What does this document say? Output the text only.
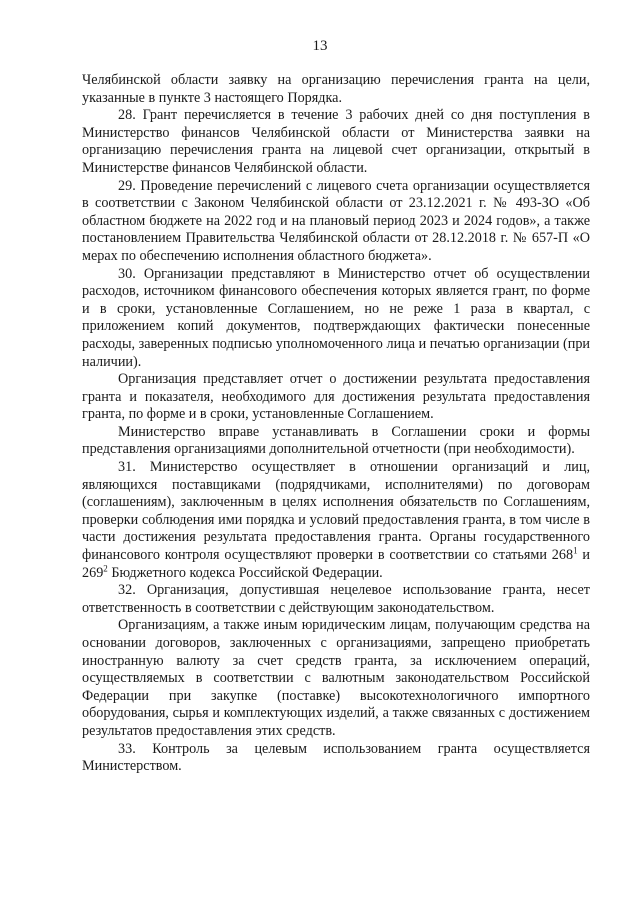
13

Челябинской области заявку на организацию перечисления гранта на цели, указанные в пункте 3 настоящего Порядка.

28. Грант перечисляется в течение 3 рабочих дней со дня поступления в Министерство финансов Челябинской области от Министерства заявки на организацию перечисления гранта на лицевой счет организации, открытый в Министерстве финансов Челябинской области.

29. Проведение перечислений с лицевого счета организации осуществляется в соответствии с Законом Челябинской области от 23.12.2021 г. № 493-ЗО «Об областном бюджете на 2022 год и на плановый период 2023 и 2024 годов», а также постановлением Правительства Челябинской области от 28.12.2018 г. № 657-П «О мерах по обеспечению исполнения областного бюджета».

30. Организации представляют в Министерство отчет об осуществлении расходов, источником финансового обеспечения которых является грант, по форме и в сроки, установленные Соглашением, но не реже 1 раза в квартал, с приложением копий документов, подтверждающих фактически понесенные расходы, заверенных подписью уполномоченного лица и печатью организации (при наличии).

Организация представляет отчет о достижении результата предоставления гранта и показателя, необходимого для достижения результата предоставления гранта, по форме и в сроки, установленные Соглашением.

Министерство вправе устанавливать в Соглашении сроки и формы представления организациями дополнительной отчетности (при необходимости).

31. Министерство осуществляет в отношении организаций и лиц, являющихся поставщиками (подрядчиками, исполнителями) по договорам (соглашениям), заключенным в целях исполнения обязательств по Соглашениям, проверки соблюдения ими порядка и условий предоставления гранта, в том числе в части достижения результата предоставления гранта. Органы государственного финансового контроля осуществляют проверки в соответствии со статьями $268^1$ и $269^2$ Бюджетного кодекса Российской Федерации.

32. Организация, допустившая нецелевое использование гранта, несет ответственность в соответствии с действующим законодательством.

Организациям, а также иным юридическим лицам, получающим средства на основании договоров, заключенных с организациями, запрещено приобретать иностранную валюту за счет средств гранта, за исключением операций, осуществляемых в соответствии с валютным законодательством Российской Федерации при закупке (поставке) высокотехнологичного импортного оборудования, сырья и комплектующих изделий, а также связанных с достижением результатов предоставления этих средств.

33. Контроль за целевым использованием гранта осуществляется Министерством.
